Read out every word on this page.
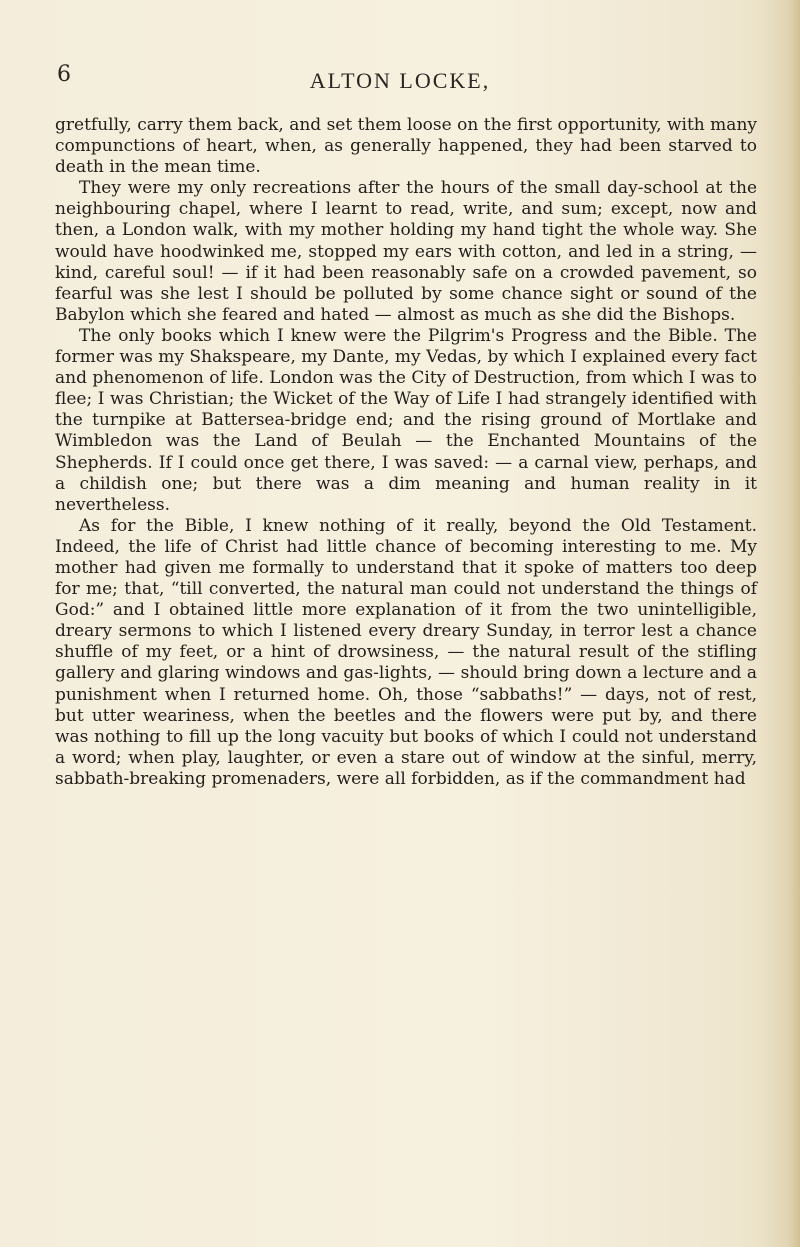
6	ALTON LOCKE,

gretfully, carry them back, and set them loose on the first opportunity, with many compunctions of heart, when, as generally happened, they had been starved to death in the mean time.

They were my only recreations after the hours of the small day-school at the neighbouring chapel, where I learnt to read, write, and sum; except, now and then, a London walk, with my mother holding my hand tight the whole way. She would have hoodwinked me, stopped my ears with cotton, and led in a string, — kind, careful soul! — if it had been reasonably safe on a crowded pavement, so fearful was she lest I should be polluted by some chance sight or sound of the Babylon which she feared and hated — almost as much as she did the Bishops.

The only books which I knew were the Pilgrim's Progress and the Bible. The former was my Shakspeare, my Dante, my Vedas, by which I explained every fact and phenomenon of life. London was the City of Destruction, from which I was to flee; I was Christian; the Wicket of the Way of Life I had strangely identified with the turnpike at Battersea-bridge end; and the rising ground of Mortlake and Wimbledon was the Land of Beulah — the Enchanted Mountains of the Shepherds. If I could once get there, I was saved: — a carnal view, perhaps, and a childish one; but there was a dim meaning and human reality in it nevertheless.

As for the Bible, I knew nothing of it really, beyond the Old Testament. Indeed, the life of Christ had little chance of becoming interesting to me. My mother had given me formally to understand that it spoke of matters too deep for me; that, “till converted, the natural man could not understand the things of God:” and I obtained little more explanation of it from the two unintelligible, dreary sermons to which I listened every dreary Sunday, in terror lest a chance shuffle of my feet, or a hint of drowsiness, — the natural result of the stifling gallery and glaring windows and gas-lights, — should bring down a lecture and a punishment when I returned home. Oh, those “sabbaths!” — days, not of rest, but utter weariness, when the beetles and the flowers were put by, and there was nothing to fill up the long vacuity but books of which I could not understand a word; when play, laughter, or even a stare out of window at the sinful, merry, sabbath-breaking promenaders, were all forbidden, as if the commandment had
